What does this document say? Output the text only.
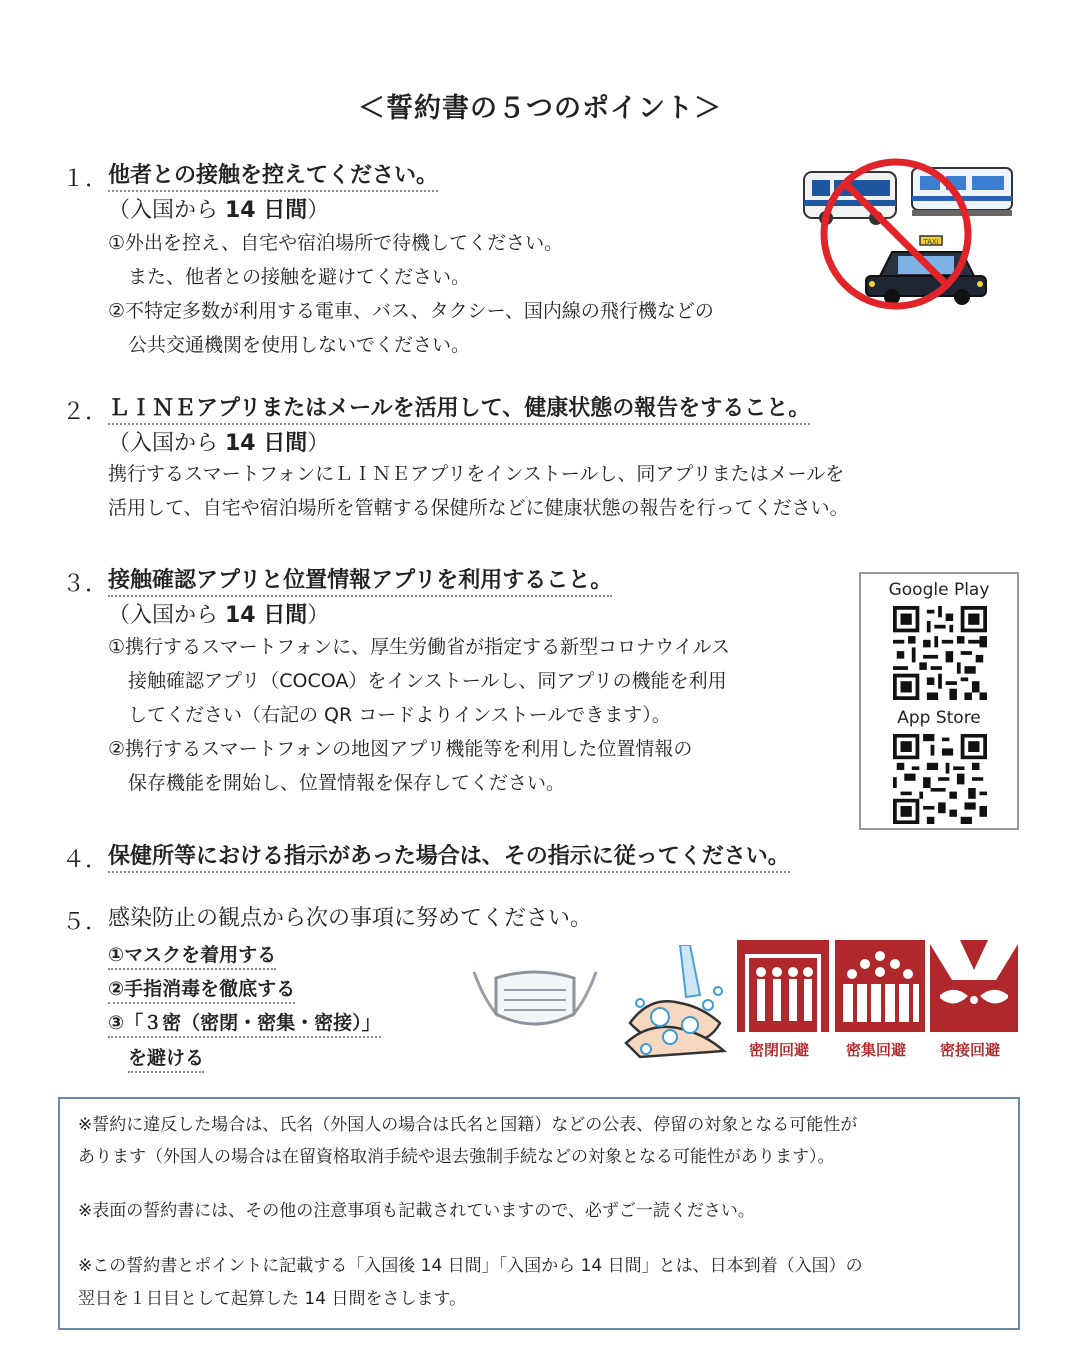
＜誓約書の５つのポイント＞
１． 他者との接触を控えてください。
（入国から 14 日間）
①外出を控え、自宅や宿泊場所で待機してください。
また、他者との接触を避けてください。
②不特定多数が利用する電車、バス、タクシー、国内線の飛行機などの
公共交通機関を使用しないでください。
TAXI
２． ＬＩＮＥアプリまたはメールを活用して、健康状態の報告をすること。
（入国から 14 日間）
携行するスマートフォンにＬＩＮＥアプリをインストールし、同アプリまたはメールを
活用して、自宅や宿泊場所を管轄する保健所などに健康状態の報告を行ってください。
３． 接触確認アプリと位置情報アプリを利用すること。
（入国から 14 日間）
①携行するスマートフォンに、厚生労働省が指定する新型コロナウイルス
接触確認アプリ（COCOA）をインストールし、同アプリの機能を利用
してください（右記の QR コードよりインストールできます）。
②携行するスマートフォンの地図アプリ機能等を利用した位置情報の
保存機能を開始し、位置情報を保存してください。
Google Play
App Store
４． 保健所等における指示があった場合は、その指示に従ってください。
５． 感染防止の観点から次の事項に努めてください。
①マスクを着用する
②手指消毒を徹底する
③「３密（密閉・密集・密接）」
を避ける	密閉回避 密集回避 密接回避

※誓約に違反した場合は、氏名（外国人の場合は氏名と国籍）などの公表、停留の対象となる可能性が

あります（外国人の場合は在留資格取消手続や退去強制手続などの対象となる可能性があります）。

※表面の誓約書には、その他の注意事項も記載されていますので、必ずご一読ください。

※この誓約書とポイントに記載する「入国後 14 日間」「入国から 14 日間」とは、日本到着（入国）の

翌日を１日目として起算した 14 日間をさします。
